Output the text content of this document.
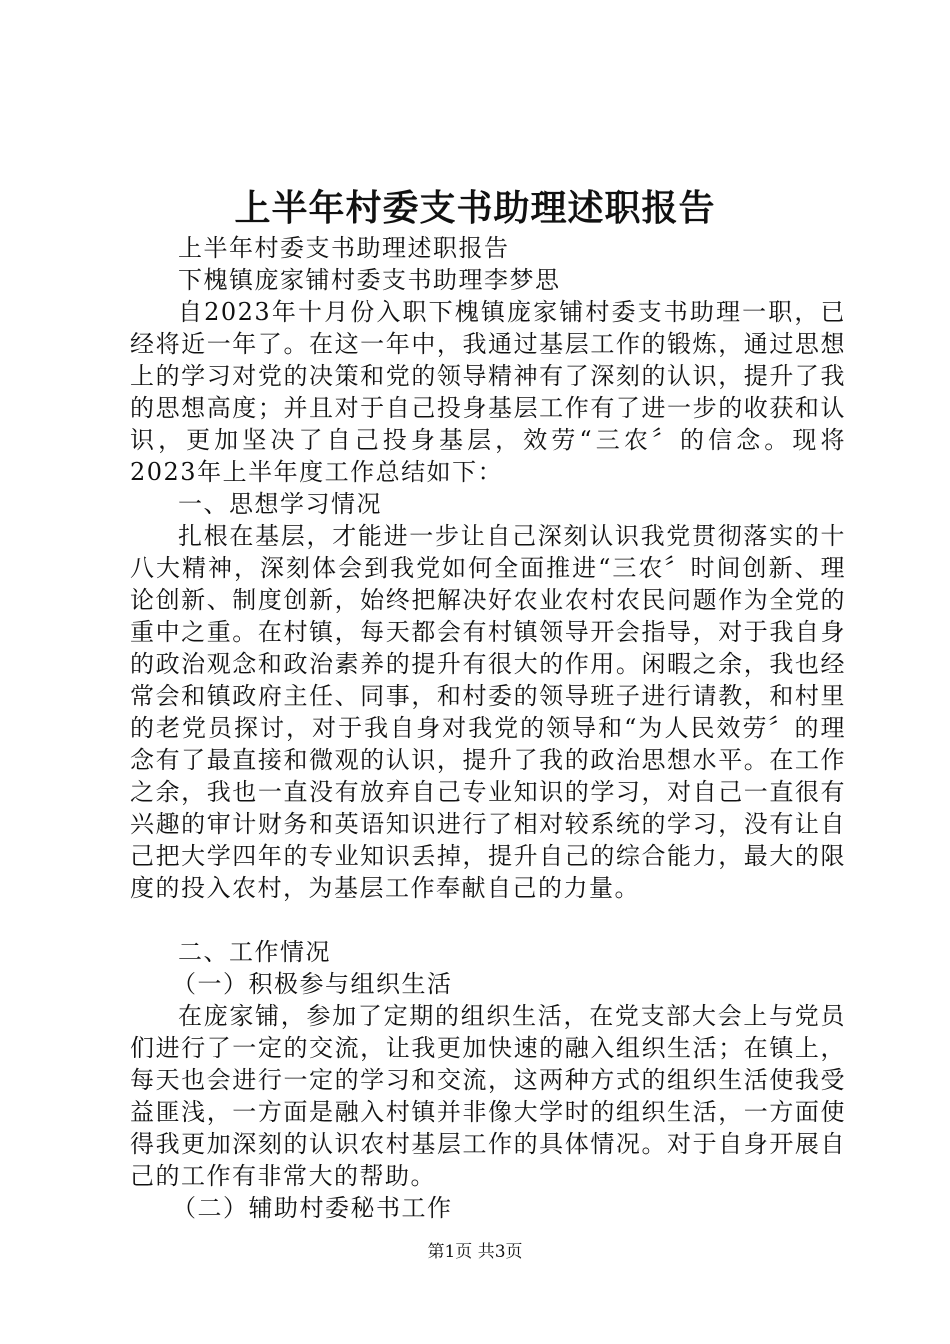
上半年村委支书助理述职报告

上半年村委支书助理述职报告

下槐镇庞家铺村委支书助理李梦思

自2023年十月份入职下槐镇庞家铺村委支书助理一职，已经将近一年了。在这一年中，我通过基层工作的锻炼，通过思想上的学习对党的决策和党的领导精神有了深刻的认识，提升了我的思想高度；并且对于自己投身基层工作有了进一步的收获和认识，更加坚决了自己投身基层，效劳“三农〞的信念。现将2023年上半年度工作总结如下：

一、思想学习情况

扎根在基层，才能进一步让自己深刻认识我党贯彻落实的十八大精神，深刻体会到我党如何全面推进“三农〞时间创新、理论创新、制度创新，始终把解决好农业农村农民问题作为全党的重中之重。在村镇，每天都会有村镇领导开会指导，对于我自身的政治观念和政治素养的提升有很大的作用。闲暇之余，我也经常会和镇政府主任、同事，和村委的领导班子进行请教，和村里的老党员探讨，对于我自身对我党的领导和“为人民效劳〞的理念有了最直接和微观的认识，提升了我的政治思想水平。在工作之余，我也一直没有放弃自己专业知识的学习，对自己一直很有兴趣的审计财务和英语知识进行了相对较系统的学习，没有让自己把大学四年的专业知识丢掉，提升自己的综合能力，最大的限度的投入农村，为基层工作奉献自己的力量。

二、工作情况

（一）积极参与组织生活

在庞家铺，参加了定期的组织生活，在党支部大会上与党员们进行了一定的交流，让我更加快速的融入组织生活；在镇上，每天也会进行一定的学习和交流，这两种方式的组织生活使我受益匪浅，一方面是融入村镇并非像大学时的组织生活，一方面使得我更加深刻的认识农村基层工作的具体情况。对于自身开展自己的工作有非常大的帮助。

（二）辅助村委秘书工作

第1页 共3页
